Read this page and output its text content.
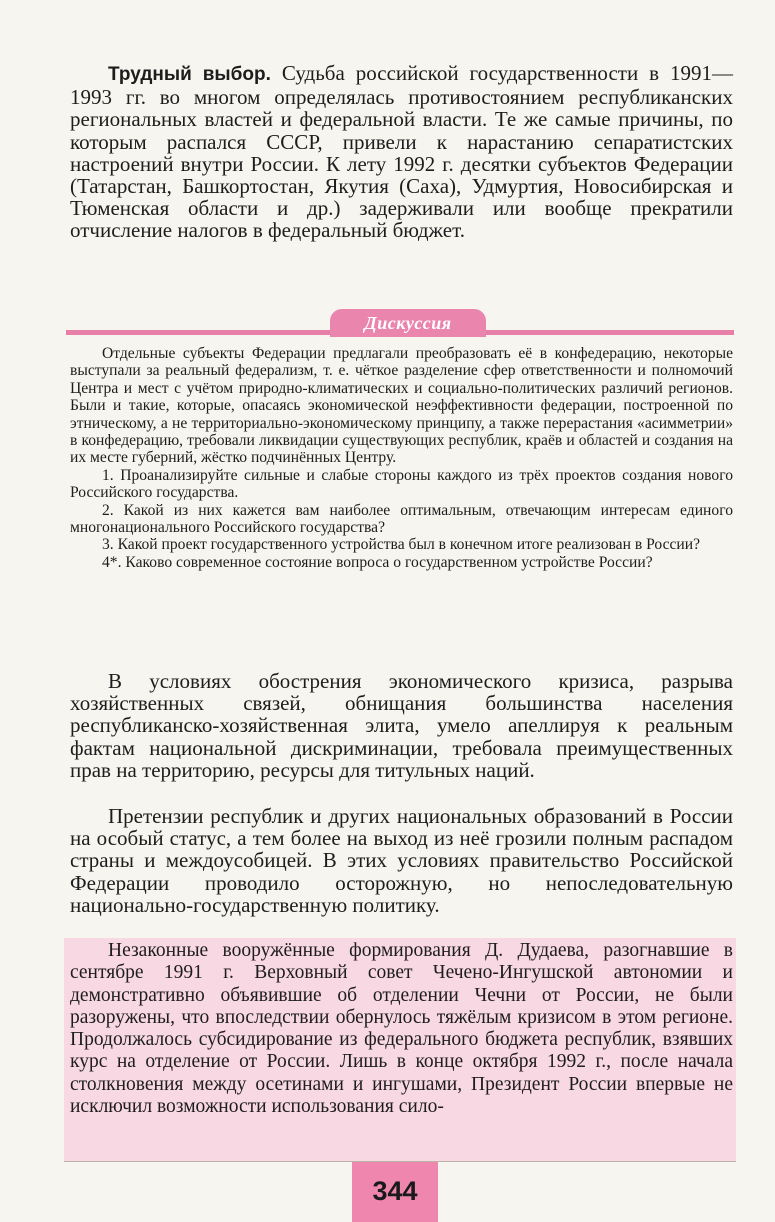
Трудный выбор. Судьба российской государственности в 1991—1993 гг. во многом определялась противостоянием республиканских региональных властей и федеральной власти. Те же самые причины, по которым распался СССР, привели к нарастанию сепаратистских настроений внутри России. К лету 1992 г. десятки субъектов Федерации (Татарстан, Башкортостан, Якутия (Саха), Удмуртия, Новосибирская и Тюменская области и др.) задерживали или вообще прекратили отчисление налогов в федеральный бюджет.

Дискуссия

Отдельные субъекты Федерации предлагали преобразовать её в конфедерацию, некоторые выступали за реальный федерализм, т. е. чёткое разделение сфер ответственности и полномочий Центра и мест с учётом природно-климатических и социально-политических различий регионов. Были и такие, которые, опасаясь экономической неэффективности федерации, построенной по этническому, а не территориально-экономическому принципу, а также перерастания «асимметрии» в конфедерацию, требовали ликвидации существующих республик, краёв и областей и создания на их месте губерний, жёстко подчинённых Центру.

1. Проанализируйте сильные и слабые стороны каждого из трёх проектов создания нового Российского государства.

2. Какой из них кажется вам наиболее оптимальным, отвечающим интересам единого многонационального Российского государства?

3. Какой проект государственного устройства был в конечном итоге реализован в России?

4*. Каково современное состояние вопроса о государственном устройстве России?

В условиях обострения экономического кризиса, разрыва хозяйственных связей, обнищания большинства населения республиканско-хозяйственная элита, умело апеллируя к реальным фактам национальной дискриминации, требовала преимущественных прав на территорию, ресурсы для титульных наций.

Претензии республик и других национальных образований в России на особый статус, а тем более на выход из неё грозили полным распадом страны и междоусобицей. В этих условиях правительство Российской Федерации проводило осторожную, но непоследовательную национально-государственную политику.

Незаконные вооружённые формирования Д. Дудаева, разогнавшие в сентябре 1991 г. Верховный совет Чечено-Ингушской автономии и демонстративно объявившие об отделении Чечни от России, не были разоружены, что впоследствии обернулось тяжёлым кризисом в этом регионе. Продолжалось субсидирование из федерального бюджета республик, взявших курс на отделение от России. Лишь в конце октября 1992 г., после начала столкновения между осетинами и ингушами, Президент России впервые не исключил возможности использования сило-

344
